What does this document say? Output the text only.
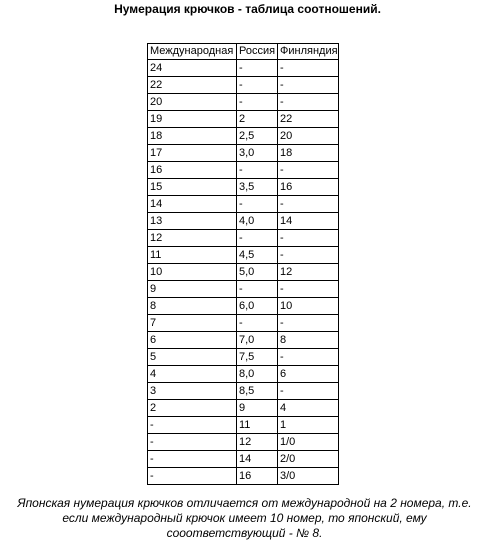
Нумерация крючков - таблица соотношений.
Международная	Россия	Финляндия
24	-	-
22	-	-
20	-	-
19	2	22
18	2,5	20
17	3,0	18
16	-	-
15	3,5	16
14	-	-
13	4,0	14
12	-	-
11	4,5	-
10	5,0	12
9	-	-
8	6,0	10
7	-	-
6	7,0	8
5	7,5	-
4	8,0	6
3	8,5	-
2	9	4
-	11	1
-	12	1/0
-	14	2/0
-	16	3/0
Японская нумерация крючков отличается от международной на 2 номера, т.е.
если международный крючок имеет 10 номер, то японский, ему
сооответствующий - № 8.
